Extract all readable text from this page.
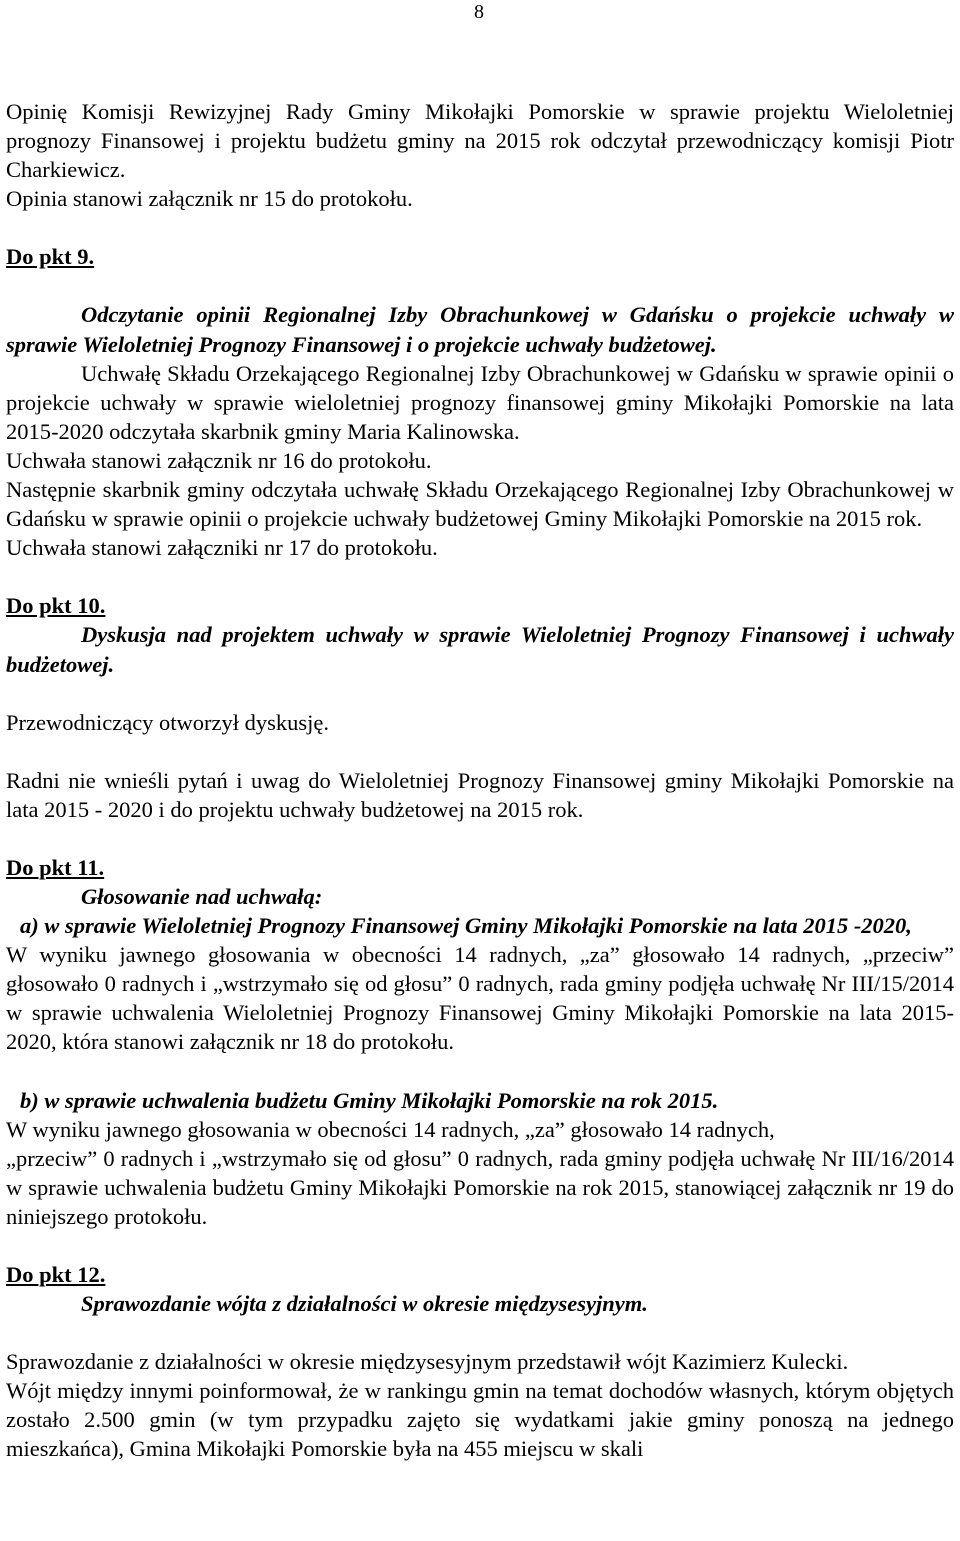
8

Opinię Komisji Rewizyjnej Rady Gminy Mikołajki Pomorskie w sprawie projektu Wieloletniej prognozy Finansowej i projektu budżetu gminy na 2015 rok odczytał przewodniczący komisji Piotr Charkiewicz.

Opinia stanowi załącznik nr 15 do protokołu.

Do pkt 9.

Odczytanie opinii Regionalnej Izby Obrachunkowej w Gdańsku o projekcie uchwały w sprawie Wieloletniej Prognozy Finansowej i o projekcie uchwały budżetowej.

Uchwałę Składu Orzekającego Regionalnej Izby Obrachunkowej w Gdańsku w sprawie opinii o projekcie uchwały w sprawie wieloletniej prognozy finansowej gminy Mikołajki Pomorskie na lata 2015-2020 odczytała skarbnik gminy Maria Kalinowska.

Uchwała stanowi załącznik nr 16 do protokołu.

Następnie skarbnik gminy odczytała uchwałę Składu Orzekającego Regionalnej Izby Obrachunkowej w Gdańsku w sprawie opinii o projekcie uchwały budżetowej Gminy Mikołajki Pomorskie na 2015 rok.

Uchwała stanowi załączniki nr 17 do protokołu.

Do pkt 10.

Dyskusja nad projektem uchwały w sprawie Wieloletniej Prognozy Finansowej i uchwały budżetowej.

Przewodniczący otworzył dyskusję.

Radni nie wnieśli pytań i uwag do Wieloletniej Prognozy Finansowej gminy Mikołajki Pomorskie na lata 2015 - 2020 i do projektu uchwały budżetowej na 2015 rok.

Do pkt 11.

Głosowanie nad uchwałą:

a) w sprawie Wieloletniej Prognozy Finansowej Gminy Mikołajki Pomorskie na lata 2015 -2020,

W wyniku jawnego głosowania w obecności 14 radnych, „za” głosowało 14 radnych, „przeciw” głosowało 0 radnych i „wstrzymało się od głosu” 0 radnych, rada gminy podjęła uchwałę Nr III/15/2014 w sprawie uchwalenia Wieloletniej Prognozy Finansowej Gminy Mikołajki Pomorskie na lata 2015-2020, która stanowi załącznik nr 18 do protokołu.

b) w sprawie uchwalenia budżetu Gminy Mikołajki Pomorskie na rok 2015.

W wyniku jawnego głosowania w obecności 14 radnych, „za” głosowało 14 radnych,

„przeciw” 0 radnych i „wstrzymało się od głosu” 0 radnych, rada gminy podjęła uchwałę Nr III/16/2014 w sprawie uchwalenia budżetu Gminy Mikołajki Pomorskie na rok 2015, stanowiącej załącznik nr 19 do niniejszego protokołu.

Do pkt 12.

Sprawozdanie wójta z działalności w okresie międzysesyjnym.

Sprawozdanie z działalności w okresie międzysesyjnym przedstawił wójt Kazimierz Kulecki.

Wójt między innymi poinformował, że w rankingu gmin na temat dochodów własnych, którym objętych zostało 2.500 gmin (w tym przypadku zajęto się wydatkami jakie gminy ponoszą na jednego mieszkańca), Gmina Mikołajki Pomorskie była na 455 miejscu w skali
